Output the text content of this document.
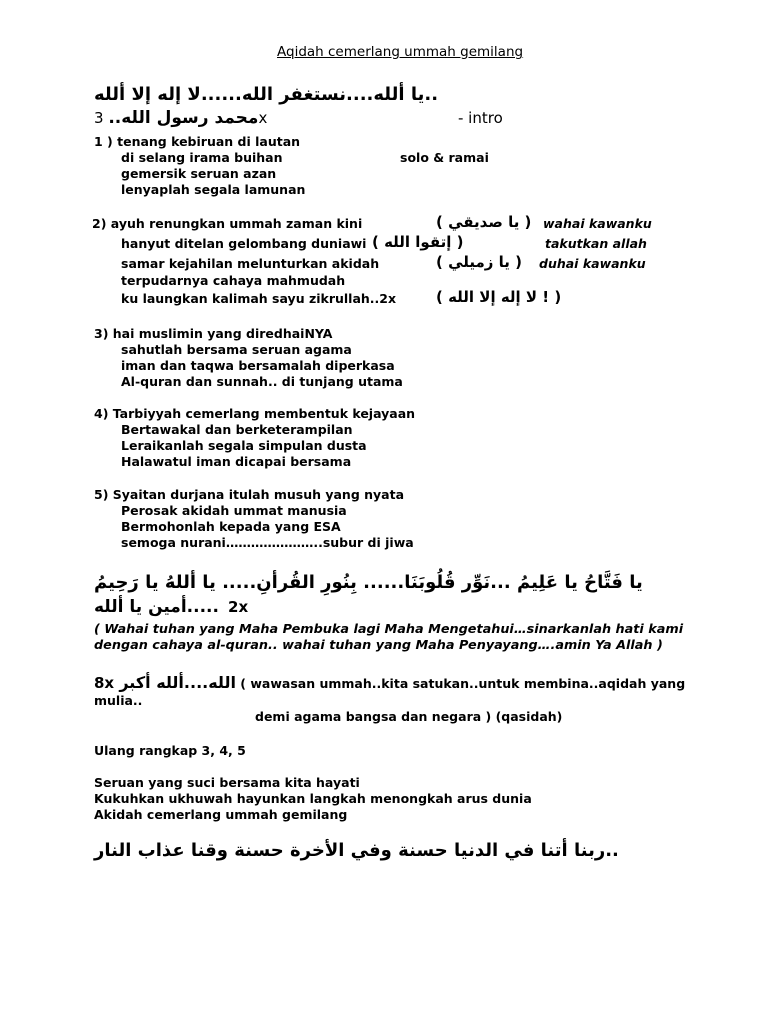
Aqidah cemerlang ummah gemilang
..يا ألله....نستغفر الله......لا إله إلا ألله
3 محمد رسول الله..x	- intro
1 ) tenang kebiruan di lautan
di selang irama buihan
gemersik seruan azan
lenyaplah segala lamunan
solo & ramai
2) ayuh renungkan ummah zaman kini
hanyut ditelan gelombang duniawi
samar kejahilan melunturkan akidah
terpudarnya cahaya mahmudah
ku laungkan kalimah sayu zikrullah..2x
( يا صديقي )
( إتقوا الله )
( يا زميلي )
( ! لا إله إلا الله )
wahai kawanku
takutkan allah
duhai kawanku
3) hai muslimin yang diredhaiNYA
sahutlah bersama seruan agama
iman dan taqwa bersamalah diperkasa
Al-quran dan sunnah.. di tunjang utama
4) Tarbiyyah cemerlang membentuk kejayaan
Bertawakal dan berketerampilan
Leraikanlah segala simpulan dusta
Halawatul iman dicapai bersama
5) Syaitan durjana itulah musuh yang nyata
Perosak akidah ummat manusia
Bermohonlah kepada yang ESA
semoga nurani…………………..subur di jiwa
يا فَتَّاحُ يا عَلِيمُ ...نَوِّر قُلُوبَنَا...... بِنُورِ القُرأنِ..... يا أللهُ يا رَحِيمُ
.....أمين يا ألله 2x
( Wahai tuhan yang Maha Pembuka lagi Maha Mengetahui…sinarkanlah hati kami
dengan cahaya al-quran.. wahai tuhan yang Maha Penyayang….amin Ya Allah )
8x الله....ألله أكبر ( wawasan ummah..kita satukan..untuk membina..aqidah yang
mulia..
demi agama bangsa dan negara ) (qasidah)
Ulang rangkap 3, 4, 5
Seruan yang suci bersama kita hayati
Kukuhkan ukhuwah hayunkan langkah menongkah arus dunia
Akidah cemerlang ummah gemilang
..ربنا أتنا في الدنيا حسنة وفي الأخرة حسنة وقنا عذاب النار
